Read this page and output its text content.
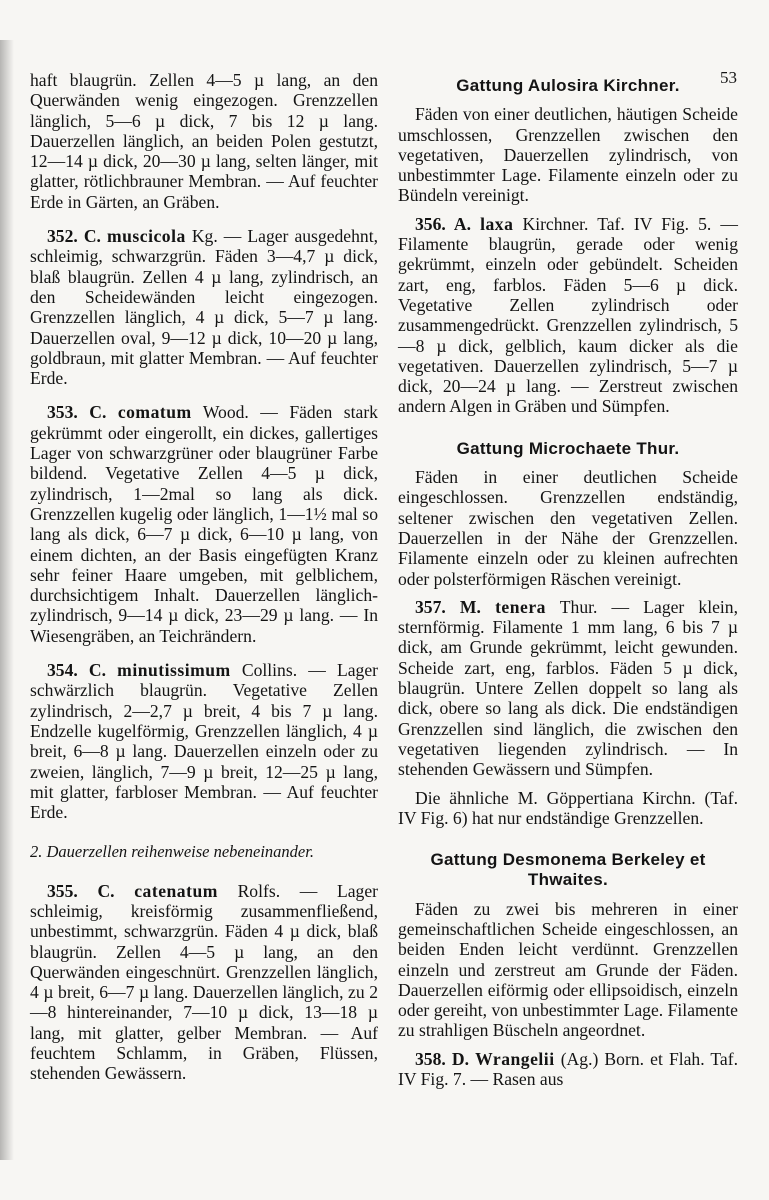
53

haft blaugrün. Zellen 4—5 µ lang, an den Querwänden wenig eingezogen. Grenzzellen länglich, 5—6 µ dick, 7 bis 12 µ lang. Dauerzellen länglich, an beiden Polen gestutzt, 12—14 µ dick, 20—30 µ lang, selten länger, mit glatter, rötlichbrauner Membran. — Auf feuchter Erde in Gärten, an Gräben.

352. C. muscicola Kg. — Lager ausgedehnt, schleimig, schwarzgrün. Fäden 3—4,7 µ dick, blaß blaugrün. Zellen 4 µ lang, zylindrisch, an den Scheidewänden leicht eingezogen. Grenzzellen länglich, 4 µ dick, 5—7 µ lang. Dauerzellen oval, 9—12 µ dick, 10—20 µ lang, goldbraun, mit glatter Membran. — Auf feuchter Erde.

353. C. comatum Wood. — Fäden stark gekrümmt oder eingerollt, ein dickes, gallertiges Lager von schwarzgrüner oder blaugrüner Farbe bildend. Vegetative Zellen 4—5 µ dick, zylindrisch, 1—2mal so lang als dick. Grenzzellen kugelig oder länglich, 1—1½ mal so lang als dick, 6—7 µ dick, 6—10 µ lang, von einem dichten, an der Basis eingefügten Kranz sehr feiner Haare umgeben, mit gelblichem, durchsichtigem Inhalt. Dauerzellen länglich-zylindrisch, 9—14 µ dick, 23—29 µ lang. — In Wiesengräben, an Teichrändern.

354. C. minutissimum Collins. — Lager schwärzlich blaugrün. Vegetative Zellen zylindrisch, 2—2,7 µ breit, 4 bis 7 µ lang. Endzelle kugelförmig, Grenzzellen länglich, 4 µ breit, 6—8 µ lang. Dauerzellen einzeln oder zu zweien, länglich, 7—9 µ breit, 12—25 µ lang, mit glatter, farbloser Membran. — Auf feuchter Erde.

2. Dauerzellen reihenweise nebeneinander.

355. C. catenatum Rolfs. — Lager schleimig, kreisförmig zusammenfließend, unbestimmt, schwarzgrün. Fäden 4 µ dick, blaß blaugrün. Zellen 4—5 µ lang, an den Querwänden eingeschnürt. Grenzzellen länglich, 4 µ breit, 6—7 µ lang. Dauerzellen länglich, zu 2—8 hintereinander, 7—10 µ dick, 13—18 µ lang, mit glatter, gelber Membran. — Auf feuchtem Schlamm, in Gräben, Flüssen, stehenden Gewässern.

Gattung Aulosira Kirchner.

Fäden von einer deutlichen, häutigen Scheide umschlossen, Grenzzellen zwischen den vegetativen, Dauerzellen zylindrisch, von unbestimmter Lage. Filamente einzeln oder zu Bündeln vereinigt.

356. A. laxa Kirchner. Taf. IV Fig. 5. — Filamente blaugrün, gerade oder wenig gekrümmt, einzeln oder gebündelt. Scheiden zart, eng, farblos. Fäden 5—6 µ dick. Vegetative Zellen zylindrisch oder zusammengedrückt. Grenzzellen zylindrisch, 5—8 µ dick, gelblich, kaum dicker als die vegetativen. Dauerzellen zylindrisch, 5—7 µ dick, 20—24 µ lang. — Zerstreut zwischen andern Algen in Gräben und Sümpfen.

Gattung Microchaete Thur.

Fäden in einer deutlichen Scheide eingeschlossen. Grenzzellen endständig, seltener zwischen den vegetativen Zellen. Dauerzellen in der Nähe der Grenzzellen. Filamente einzeln oder zu kleinen aufrechten oder polsterförmigen Räschen vereinigt.

357. M. tenera Thur. — Lager klein, sternförmig. Filamente 1 mm lang, 6 bis 7 µ dick, am Grunde gekrümmt, leicht gewunden. Scheide zart, eng, farblos. Fäden 5 µ dick, blaugrün. Untere Zellen doppelt so lang als dick, obere so lang als dick. Die endständigen Grenzzellen sind länglich, die zwischen den vegetativen liegenden zylindrisch. — In stehenden Gewässern und Sümpfen.

Die ähnliche M. Göppertiana Kirchn. (Taf. IV Fig. 6) hat nur endständige Grenzzellen.

Gattung Desmonema Berkeley et Thwaites.

Fäden zu zwei bis mehreren in einer gemeinschaftlichen Scheide eingeschlossen, an beiden Enden leicht verdünnt. Grenzzellen einzeln und zerstreut am Grunde der Fäden. Dauerzellen eiförmig oder ellipsoidisch, einzeln oder gereiht, von unbestimmter Lage. Filamente zu strahligen Büscheln angeordnet.

358. D. Wrangelii (Ag.) Born. et Flah. Taf. IV Fig. 7. — Rasen aus
